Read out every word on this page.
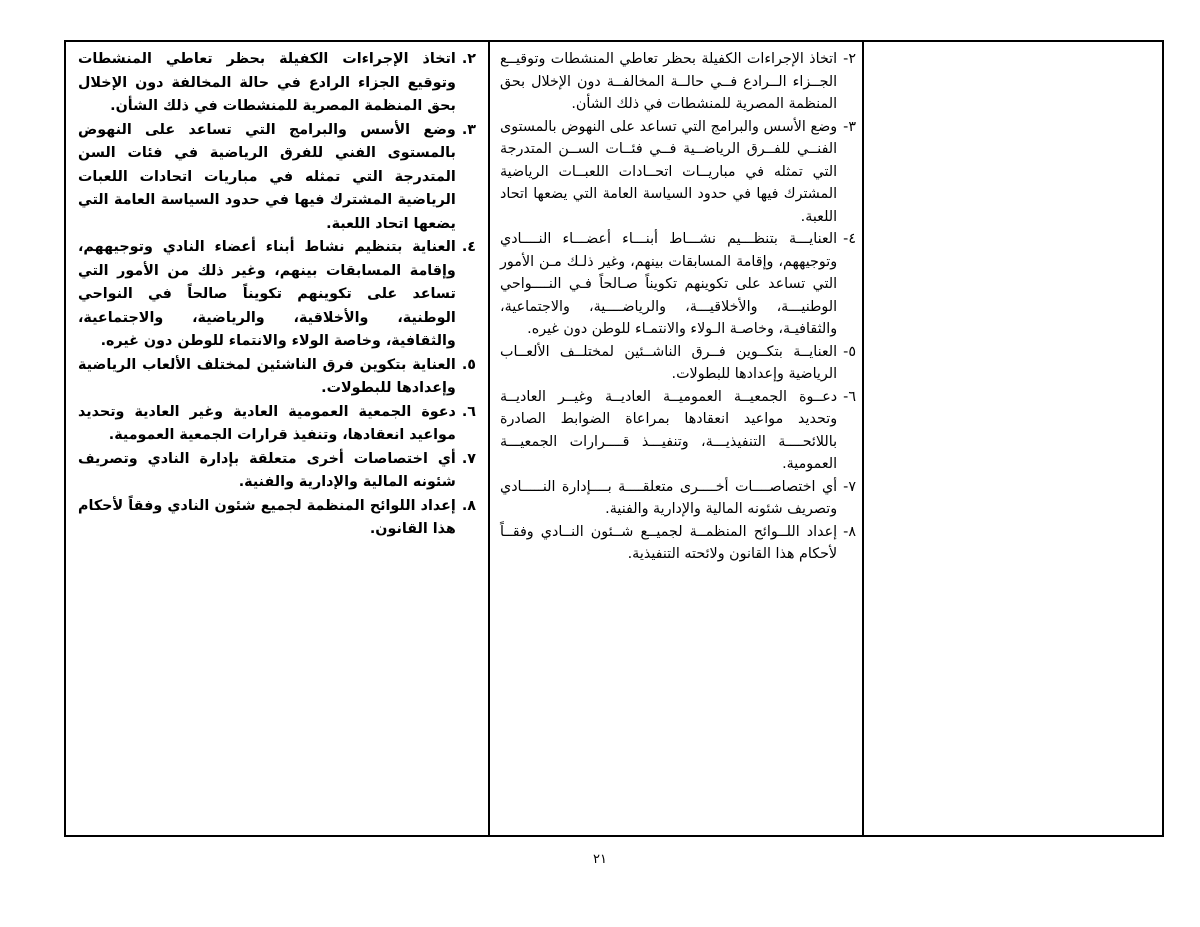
٢-
اتخاذ الإجراءات الكفيلة بحظر تعاطي المنشطات وتوقيــع الجــزاء الــرادع فــي حالــة المخالفــة دون الإخلال بحق المنظمة المصرية للمنشطات في ذلك الشأن.
٣-
وضع الأسس والبرامج التي تساعد على النهوض بالمستوى الفنــي للفــرق الرياضــية فــي فئــات الســن المتدرجة التي تمثله في مباريــات اتحــادات اللعبــات الرياضية المشترك فيها في حدود السياسة العامة التي يضعها اتحاد اللعبة.
٤-
العنايـــة بتنظـــيم نشـــاط أبنـــاء أعضـــاء النــــادي وتوجيههم، وإقامة المسابقات بينهم، وغير ذلـك مـن الأمور التي تساعد على تكوينهم تكويناً صـالحاً فـي النــــواحي الوطنيـــة، والأخلاقيـــة، والرياضــــية، والاجتماعية، والثقافيـة، وخاصـة الـولاء والانتمـاء للوطن دون غيره.
٥-
العنايــة بتكــوين فــرق الناشــئين لمختلــف الألعــاب الرياضية وإعدادها للبطولات.
٦-
دعــوة الجمعيــة العموميــة العاديــة وغيــر العاديــة وتحديد مواعيد انعقادها بمراعاة الضوابط الصادرة باللائحــــة التنفيذيـــة، وتنفيـــذ قــــرارات الجمعيـــة العمومية.
٧-
أي اختصاصــــات أخــــرى متعلقــــة بــــإدارة النـــــادي وتصريف شئونه المالية والإدارية والفنية.
٨-
إعداد اللــوائح المنظمــة لجميــع شــئون النــادي وفقــاً لأحكام هذا القانون ولائحته التنفيذية.
٢.
اتخاذ الإجراءات الكفيلة بحظر تعاطي المنشطات وتوقيع الجزاء الرادع في حالة المخالفة دون الإخلال بحق المنظمة المصرية للمنشطات في ذلك الشأن.
٣.
وضع الأسس والبرامج التي تساعد على النهوض بالمستوى الفني للفرق الرياضية في فئات السن المتدرجة التي تمثله في مباريات اتحادات اللعبات الرياضية المشترك فيها في حدود السياسة العامة التي يضعها اتحاد اللعبة.
٤.
العناية بتنظيم نشاط أبناء أعضاء النادي وتوجيههم، وإقامة المسابقات بينهم، وغير ذلك من الأمور التي تساعد على تكوينهم تكويناً صالحاً في النواحي الوطنية، والأخلاقية، والرياضية، والاجتماعية، والثقافية، وخاصة الولاء والانتماء للوطن دون غيره.
٥.
العناية بتكوين فرق الناشئين لمختلف الألعاب الرياضية وإعدادها للبطولات.
٦.
دعوة الجمعية العمومية العادية وغير العادية وتحديد مواعيد انعقادها، وتنفيذ قرارات الجمعية العمومية.
٧.
أي اختصاصات أخرى متعلقة بإدارة النادي وتصريف شئونه المالية والإدارية والفنية.
٨.
إعداد اللوائح المنظمة لجميع شئون النادي وفقاً لأحكام هذا القانون.
٢١
